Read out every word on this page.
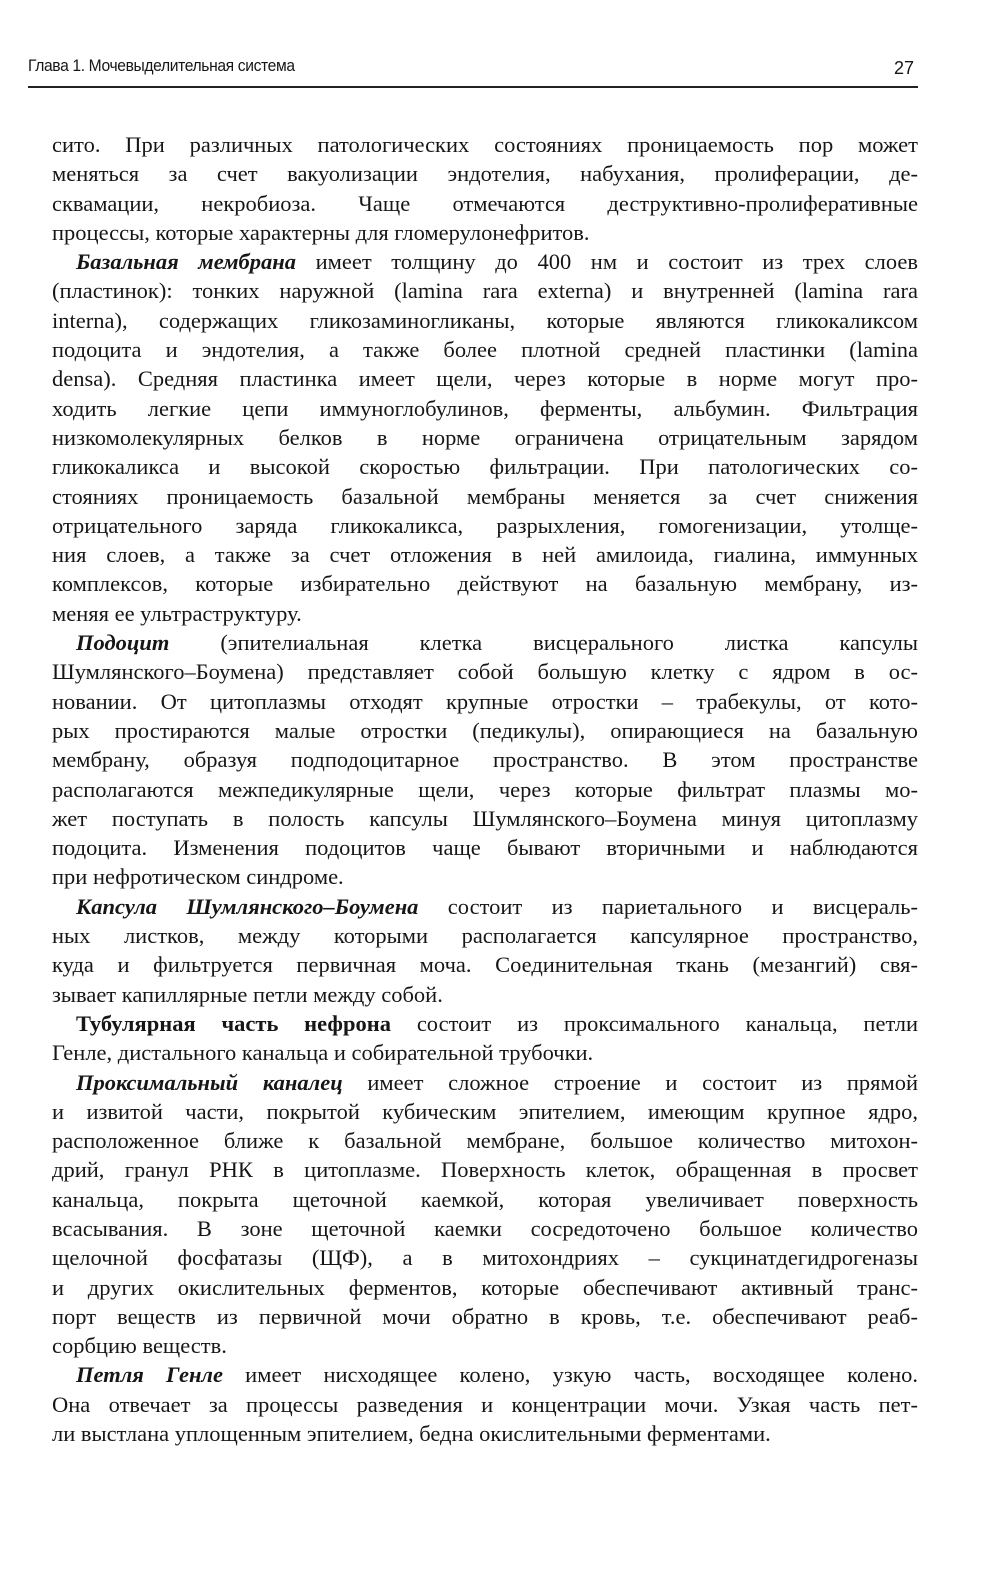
Глава 1. Мочевыделительная система	27
сито. При различных патологических состояниях проницаемость пор может
меняться за счет вакуолизации эндотелия, набухания, пролиферации, де-
сквамации, некробиоза. Чаще отмечаются деструктивно-пролиферативные
процессы, которые характерны для гломерулонефритов.
Базальная мембрана имеет толщину до 400 нм и состоит из трех слоев
(пластинок): тонких наружной (lamina rara externa) и внутренней (lamina rara
interna), содержащих гликозаминогликаны, которые являются гликокаликсом
подоцита и эндотелия, а также более плотной средней пластинки (lamina
densa). Средняя пластинка имеет щели, через которые в норме могут про-
ходить легкие цепи иммуноглобулинов, ферменты, альбумин. Фильтрация
низкомолекулярных белков в норме ограничена отрицательным зарядом
гликокаликса и высокой скоростью фильтрации. При патологических со-
стояниях проницаемость базальной мембраны меняется за счет снижения
отрицательного заряда гликокаликса, разрыхления, гомогенизации, утолще-
ния слоев, а также за счет отложения в ней амилоида, гиалина, иммунных
комплексов, которые избирательно действуют на базальную мембрану, из-
меняя ее ультраструктуру.
Подоцит (эпителиальная клетка висцерального листка капсулы
Шумлянского–Боумена) представляет собой большую клетку с ядром в ос-
новании. От цитоплазмы отходят крупные отростки – трабекулы, от кото-
рых простираются малые отростки (педикулы), опирающиеся на базальную
мембрану, образуя подподоцитарное пространство. В этом пространстве
располагаются межпедикулярные щели, через которые фильтрат плазмы мо-
жет поступать в полость капсулы Шумлянского–Боумена минуя цитоплазму
подоцита. Изменения подоцитов чаще бывают вторичными и наблюдаются
при нефротическом синдроме.
Капсула Шумлянского–Боумена состоит из париетального и висцераль-
ных листков, между которыми располагается капсулярное пространство,
куда и фильтруется первичная моча. Соединительная ткань (мезангий) свя-
зывает капиллярные петли между собой.
Тубулярная часть нефрона состоит из проксимального канальца, петли
Генле, дистального канальца и собирательной трубочки.
Проксимальный каналец имеет сложное строение и состоит из прямой
и извитой части, покрытой кубическим эпителием, имеющим крупное ядро,
расположенное ближе к базальной мембране, большое количество митохон-
дрий, гранул РНК в цитоплазме. Поверхность клеток, обращенная в просвет
канальца, покрыта щеточной каемкой, которая увеличивает поверхность
всасывания. В зоне щеточной каемки сосредоточено большое количество
щелочной фосфатазы (ЩФ), а в митохондриях – сукцинатдегидрогеназы
и других окислительных ферментов, которые обеспечивают активный транс-
порт веществ из первичной мочи обратно в кровь, т.е. обеспечивают реаб-
сорбцию веществ.
Петля Генле имеет нисходящее колено, узкую часть, восходящее колено.
Она отвечает за процессы разведения и концентрации мочи. Узкая часть пет-
ли выстлана уплощенным эпителием, бедна окислительными ферментами.
